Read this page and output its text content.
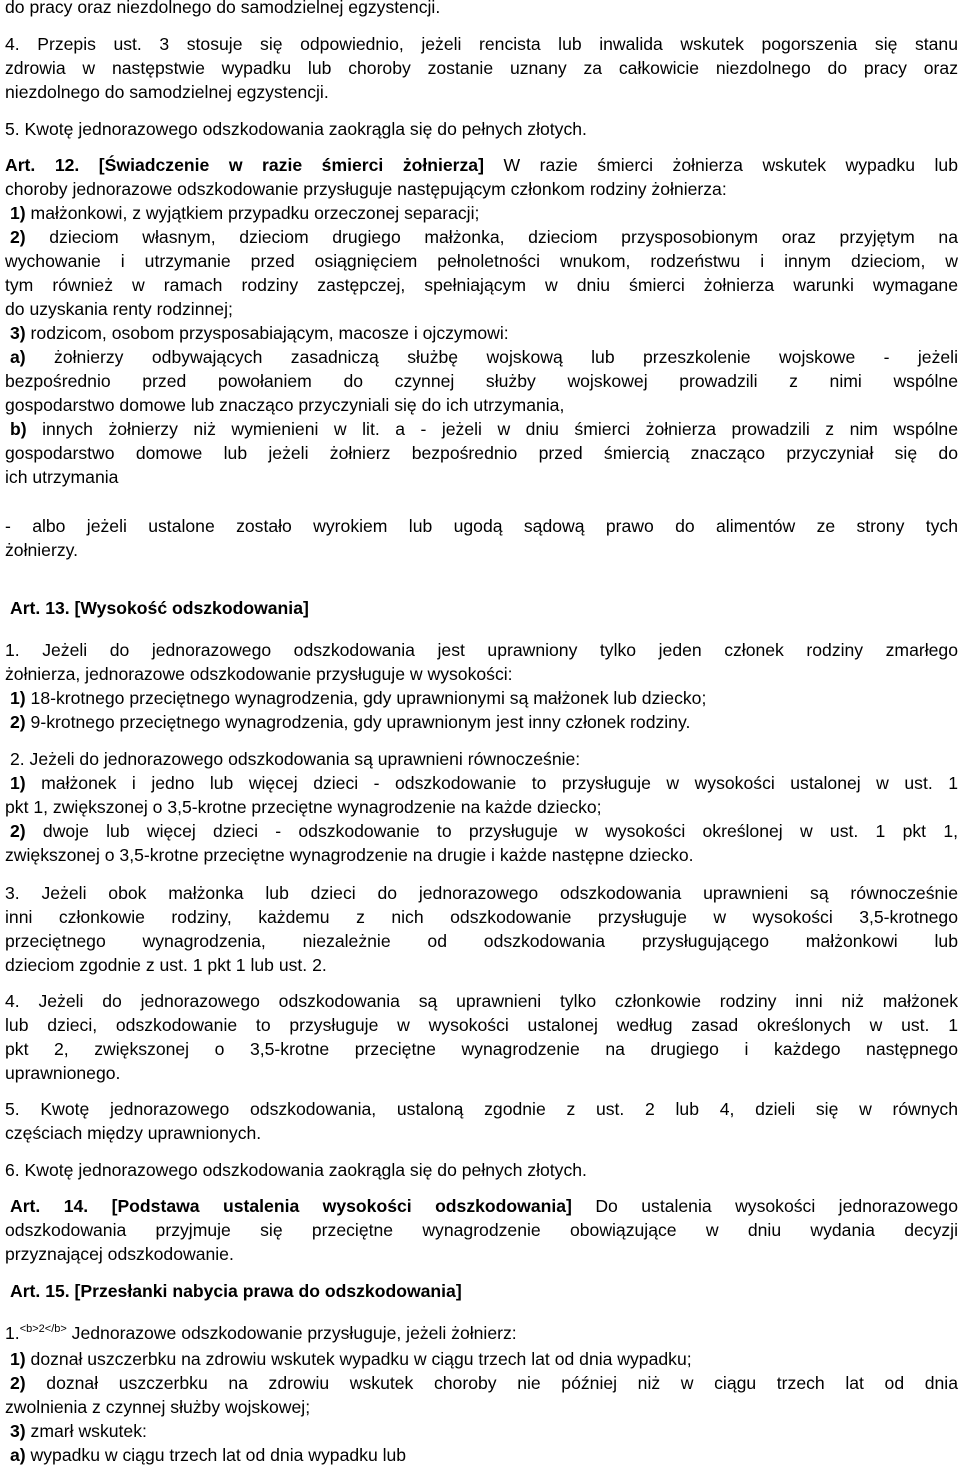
do pracy oraz niezdolnego do samodzielnej egzystencji.
4. Przepis ust. 3 stosuje się odpowiednio, jeżeli rencista lub inwalida wskutek pogorszenia się stanu
zdrowia w następstwie wypadku lub choroby zostanie uznany za całkowicie niezdolnego do pracy oraz
niezdolnego do samodzielnej egzystencji.
5. Kwotę jednorazowego odszkodowania zaokrągla się do pełnych złotych.
Art. 12. [Świadczenie w razie śmierci żołnierza] W razie śmierci żołnierza wskutek wypadku lub
choroby jednorazowe odszkodowanie przysługuje następującym członkom rodziny żołnierza:
1) małżonkowi, z wyjątkiem przypadku orzeczonej separacji;
2) dzieciom własnym, dzieciom drugiego małżonka, dzieciom przysposobionym oraz przyjętym na
wychowanie i utrzymanie przed osiągnięciem pełnoletności wnukom, rodzeństwu i innym dzieciom, w
tym również w ramach rodziny zastępczej, spełniającym w dniu śmierci żołnierza warunki wymagane
do uzyskania renty rodzinnej;
3) rodzicom, osobom przysposabiającym, macosze i ojczymowi:
a) żołnierzy odbywających zasadniczą służbę wojskową lub przeszkolenie wojskowe - jeżeli
bezpośrednio przed powołaniem do czynnej służby wojskowej prowadzili z nimi wspólne
gospodarstwo domowe lub znacząco przyczyniali się do ich utrzymania,
b) innych żołnierzy niż wymienieni w lit. a - jeżeli w dniu śmierci żołnierza prowadzili z nim wspólne
gospodarstwo domowe lub jeżeli żołnierz bezpośrednio przed śmiercią znacząco przyczyniał się do
ich utrzymania
- albo jeżeli ustalone zostało wyrokiem lub ugodą sądową prawo do alimentów ze strony tych
żołnierzy.
Art. 13. [Wysokość odszkodowania]
1. Jeżeli do jednorazowego odszkodowania jest uprawniony tylko jeden członek rodziny zmarłego
żołnierza, jednorazowe odszkodowanie przysługuje w wysokości:
1) 18-krotnego przeciętnego wynagrodzenia, gdy uprawnionymi są małżonek lub dziecko;
2) 9-krotnego przeciętnego wynagrodzenia, gdy uprawnionym jest inny członek rodziny.
2. Jeżeli do jednorazowego odszkodowania są uprawnieni równocześnie:
1) małżonek i jedno lub więcej dzieci - odszkodowanie to przysługuje w wysokości ustalonej w ust. 1
pkt 1, zwiększonej o 3,5-krotne przeciętne wynagrodzenie na każde dziecko;
2) dwoje lub więcej dzieci - odszkodowanie to przysługuje w wysokości określonej w ust. 1 pkt 1,
zwiększonej o 3,5-krotne przeciętne wynagrodzenie na drugie i każde następne dziecko.
3. Jeżeli obok małżonka lub dzieci do jednorazowego odszkodowania uprawnieni są równocześnie
inni członkowie rodziny, każdemu z nich odszkodowanie przysługuje w wysokości 3,5-krotnego
przeciętnego wynagrodzenia, niezależnie od odszkodowania przysługującego małżonkowi lub
dzieciom zgodnie z ust. 1 pkt 1 lub ust. 2.
4. Jeżeli do jednorazowego odszkodowania są uprawnieni tylko członkowie rodziny inni niż małżonek
lub dzieci, odszkodowanie to przysługuje w wysokości ustalonej według zasad określonych w ust. 1
pkt 2, zwiększonej o 3,5-krotne przeciętne wynagrodzenie na drugiego i każdego następnego
uprawnionego.
5. Kwotę jednorazowego odszkodowania, ustaloną zgodnie z ust. 2 lub 4, dzieli się w równych
częściach między uprawnionych.
6. Kwotę jednorazowego odszkodowania zaokrągla się do pełnych złotych.
Art. 14. [Podstawa ustalenia wysokości odszkodowania] Do ustalenia wysokości jednorazowego
odszkodowania przyjmuje się przeciętne wynagrodzenie obowiązujące w dniu wydania decyzji
przyznającej odszkodowanie.
Art. 15. [Przesłanki nabycia prawa do odszkodowania]
1.$^{<b>2</b>}$ Jednorazowe odszkodowanie przysługuje, jeżeli żołnierz:
1) doznał uszczerbku na zdrowiu wskutek wypadku w ciągu trzech lat od dnia wypadku;
2) doznał uszczerbku na zdrowiu wskutek choroby nie później niż w ciągu trzech lat od dnia
zwolnienia z czynnej służby wojskowej;
3) zmarł wskutek:
a) wypadku w ciągu trzech lat od dnia wypadku lub
